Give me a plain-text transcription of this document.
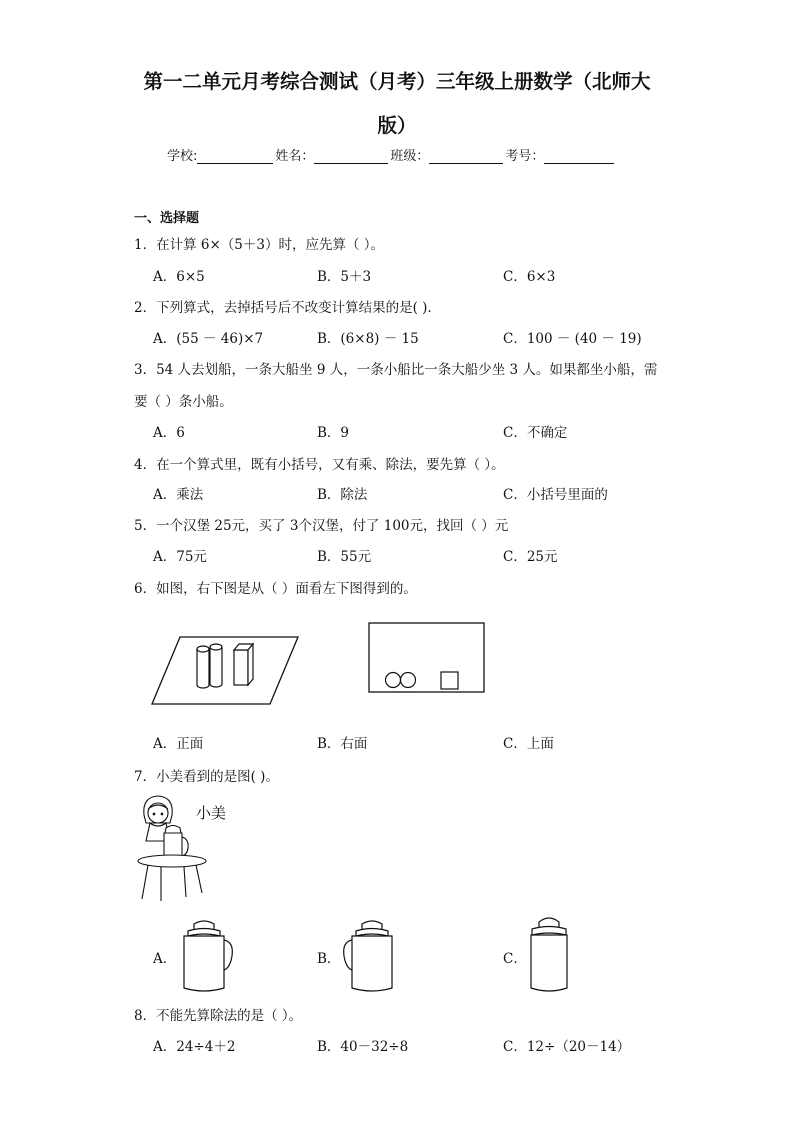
第一二单元月考综合测试（月考）三年级上册数学（北师大
版）
学校:	姓名：	班级：	考号：
一、选择题
1．在计算 6×（5＋3）时，应先算（ ）。
A．6×5	B．5＋3	C．6×3
2．下列算式，去掉括号后不改变计算结果的是( ).
A．(55 － 46)×7	B．(6×8) － 15	C．100 － (40 － 19)
3．54 人去划船，一条大船坐 9 人，一条小船比一条大船少坐 3 人。如果都坐小船，需
要（ ）条小船。
A．6	B．9	C．不确定
4．在一个算式里，既有小括号，又有乘、除法，要先算（ ）。
A．乘法	B．除法	C．小括号里面的
5．一个汉堡 25元，买了 3个汉堡，付了 100元，找回（ ）元
A．75元	B．55元	C．25元
6．如图，右下图是从（ ）面看左下图得到的。
A．正面	B．右面	C．上面
7．小美看到的是图( )。
小美
A．	B．	C．
8．不能先算除法的是（ ）。
A．24÷4＋2	B．40－32÷8	C．12÷（20－14）
